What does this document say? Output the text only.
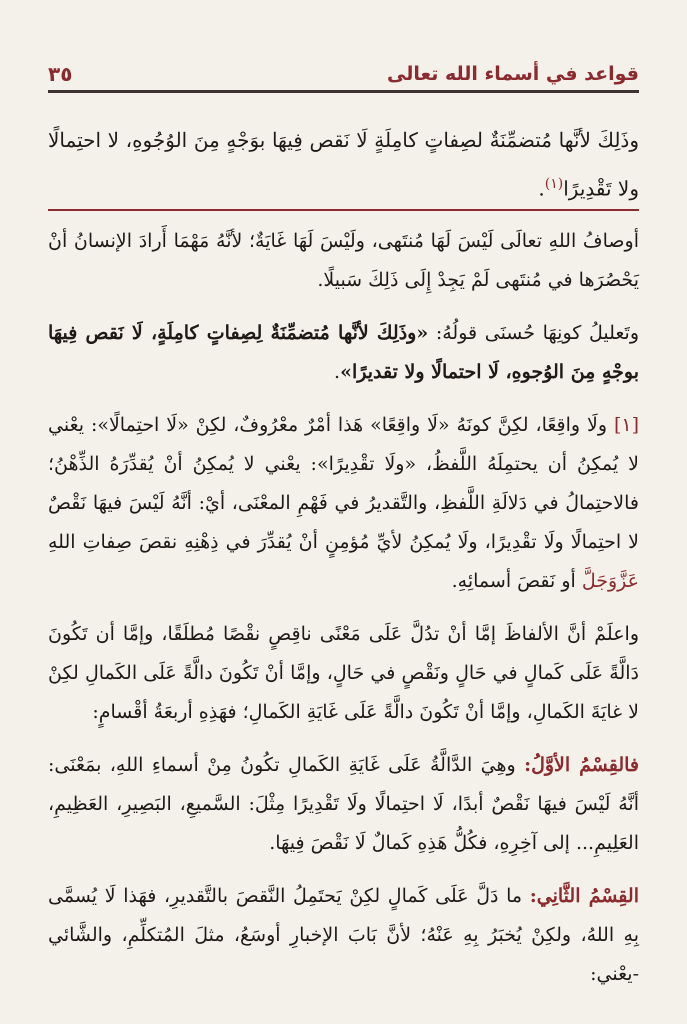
٣٥	قواعد في أسماء الله تعالى
وذَلِكَ لأنَّها مُتضمِّنَةٌ لصِفاتٍ كامِلَةٍ لَا نَقص فِيهَا بوَجْهٍ مِنَ الوُجُوهِ، لا احتِمالًا ولا تَقْدِيرًا$^{(١)}$.

أوصافُ اللهِ تعالَى لَيْسَ لَهَا مُنتَهى، ولَيْسَ لَهَا غَايَةٌ؛ لأنَّهُ مَهْمَا أَرادَ الإنسانُ أنْ يَحْصُرَها في مُنتَهى لَمْ يَجِدْ إِلَى ذَلِكَ سَبيلًا.

وتَعليلُ كونِهَا حُسنَى قولُهُ: «وذَلِكَ لأنَّها مُتضمِّنَةٌ لِصِفاتٍ كامِلَةٍ، لَا نَقص فِيهَا بوجْهٍ مِنَ الوُجوهِ، لَا احتمالًا ولا تقديرًا».

[١] ولَا واقِعًا، لكِنَّ كونَهُ «لَا واقِعًا» هَذا أمْرٌ معْرُوفٌ، لكِنْ «لَا احتِمالًا»: يعْني لا يُمكِنُ أن يحتمِلَهُ اللَّفظُ، «ولَا تقْدِيرًا»: يعْني لا يُمكِنُ أنْ يُقدِّرَهُ الذِّهْنُ؛ فالاحتِمالُ في دَلالَةِ اللَّفظِ، والتَّقديرُ في فَهْمِ المعْنَى، أيْ: أنَّهُ لَيْسَ فيهَا نَقْصٌ لا احتِمالًا ولَا تقْدِيرًا، ولَا يُمكِنُ لأيِّ مُؤمِنٍ أنْ يُقدِّرَ في ذِهْنِهِ نقصَ صِفاتِ اللهِ عَزَّوَجَلَّ أو نَقصَ أسمائِهِ.

واعلَمْ أنَّ الألفاظَ إمَّا أنْ تدُلَّ عَلَى مَعْنًى ناقِصٍ نقْصًا مُطلَقًا، وإمَّا أن تَكُونَ دَالَّةً عَلَى كَمالٍ في حَالٍ ونَقْصٍ في حَالٍ، وإمَّا أنْ تَكُونَ دالَّةً عَلَى الكَمالِ لكِنْ لا غايَةَ الكَمالِ، وإمَّا أنْ تَكُونَ دالَّةً عَلَى غَايَةِ الكَمالِ؛ فهَذِهِ أربعَةُ أقْسامٍ:

فالقِسْمُ الأوَّلُ: وهِيَ الدَّالَّةُ عَلَى غَايَةِ الكَمالِ تكُونُ مِنْ أسماءِ اللهِ، بمَعْنَى: أنَّهُ لَيْسَ فيهَا نَقْصٌ أبدًا، لَا احتِمالًا ولَا تَقْدِيرًا مِثْلَ: السَّميعِ، البَصِيرِ، العَظِيمِ، العَلِيمِ... إلى آخِرِهِ، فكُلُّ هَذِهِ كَمالٌ لَا نَقْصَ فِيهَا.

القِسْمُ الثَّانِي: ما دَلَّ عَلَى كَمالٍ لكِنْ يَحتَمِلُ النَّقصَ بالتَّقديرِ، فهَذا لَا يُسمَّى بِهِ اللهُ، ولكِنْ يُخبَرُ بِهِ عَنْهُ؛ لأنَّ بَابَ الإخبارِ أوسَعُ، مثلَ المُتكلِّمِ، والشَّائي -يعْني:
